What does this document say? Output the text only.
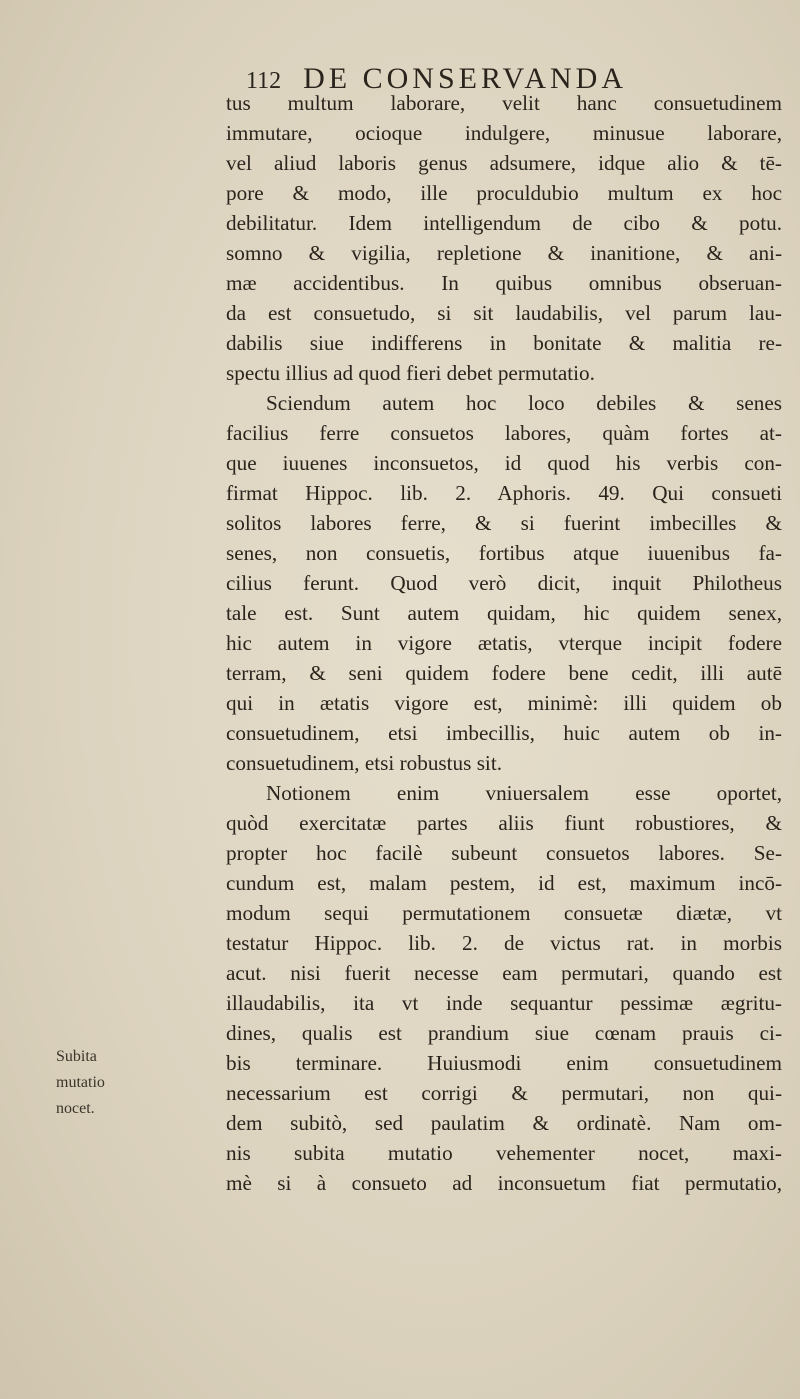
112 DE CONSERVANDA
tus multum laborare, velit hanc consuetudinem
immutare, ocioque indulgere, minusue laborare,
vel aliud laboris genus adsumere, idque alio & tē-
pore & modo, ille proculdubio multum ex hoc
debilitatur. Idem intelligendum de cibo & potu.
somno & vigilia, repletione & inanitione, & ani-
mæ accidentibus. In quibus omnibus obseruan-
da est consuetudo, si sit laudabilis, vel parum lau-
dabilis siue indifferens in bonitate & malitia re-
spectu illius ad quod fieri debet permutatio.
Sciendum autem hoc loco debiles & senes
facilius ferre consuetos labores, quàm fortes at-
que iuuenes inconsuetos, id quod his verbis con-
firmat Hippoc. lib. 2. Aphoris. 49. Qui consueti
solitos labores ferre, & si fuerint imbecilles &
senes, non consuetis, fortibus atque iuuenibus fa-
cilius ferunt. Quod verò dicit, inquit Philotheus
tale est. Sunt autem quidam, hic quidem senex,
hic autem in vigore ætatis, vterque incipit fodere
terram, & seni quidem fodere bene cedit, illi autē
qui in ætatis vigore est, minimè: illi quidem ob
consuetudinem, etsi imbecillis, huic autem ob in-
consuetudinem, etsi robustus sit.
Notionem enim vniuersalem esse oportet,
quòd exercitatæ partes aliis fiunt robustiores, &
propter hoc facilè subeunt consuetos labores. Se-
cundum est, malam pestem, id est, maximum incō-
modum sequi permutationem consuetæ diætæ, vt
testatur Hippoc. lib. 2. de victus rat. in morbis
acut. nisi fuerit necesse eam permutari, quando est
illaudabilis, ita vt inde sequantur pessimæ ægritu-
dines, qualis est prandium siue cœnam prauis ci-
bis terminare. Huiusmodi enim consuetudinem
necessarium est corrigi & permutari, non qui-
dem subitò, sed paulatim & ordinatè. Nam om-
nis subita mutatio vehementer nocet, maxi-
mè si à consueto ad inconsuetum fiat permutatio,
Subita
mutatio
nocet.
